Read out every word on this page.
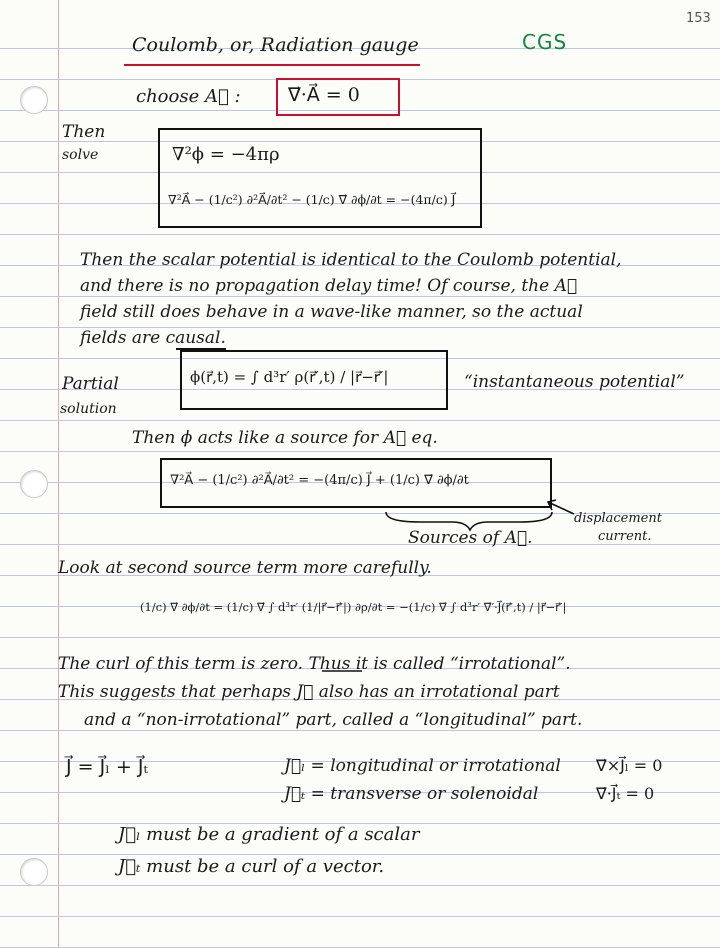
153
CGS
Coulomb, or, Radiation gauge
choose A⃗ : ∇⃗·A⃗ = 0
Then
solve	∇²ϕ = −4πρ
∇²A⃗ − (1/c²) ∂²A⃗/∂t² − (1/c) ∇⃗ ∂ϕ/∂t = −(4π/c) J⃗
Then the scalar potential is identical to the Coulomb potential,
and there is no propagation delay time! Of course, the A⃗
field still does behave in a wave-like manner, so the actual
fields are causal.
Partial
solution
ϕ(r⃗,t) = ∫ d³r′ ρ(r⃗′,t) / |r⃗−r⃗′|	“instantaneous potential”
Then ϕ acts like a source for A⃗ eq.
∇²A⃗ − (1/c²) ∂²A⃗/∂t² = −(4π/c) J⃗ + (1/c) ∇⃗ ∂ϕ/∂t
Sources of A⃗.
displacement
current.
Look at second source term more carefully.
(1/c) ∇⃗ ∂ϕ/∂t = (1/c) ∇⃗ ∫ d³r′ (1/|r⃗−r⃗′|) ∂ρ/∂t = −(1/c) ∇⃗ ∫ d³r′ ∇⃗′·J⃗(r⃗′,t) / |r⃗−r⃗′|
The curl of this term is zero. Thus it is called “irrotational”.
This suggests that perhaps J⃗ also has an irrotational part
and a “non-irrotational” part, called a “longitudinal” part.
J⃗ = J⃗ₗ + J⃗ₜ	J⃗ₗ = longitudinal or irrotational ∇⃗×J⃗ₗ = 0
J⃗ₜ = transverse or solenoidal	∇⃗·J⃗ₜ = 0
J⃗ₗ must be a gradient of a scalar
J⃗ₜ must be a curl of a vector.
